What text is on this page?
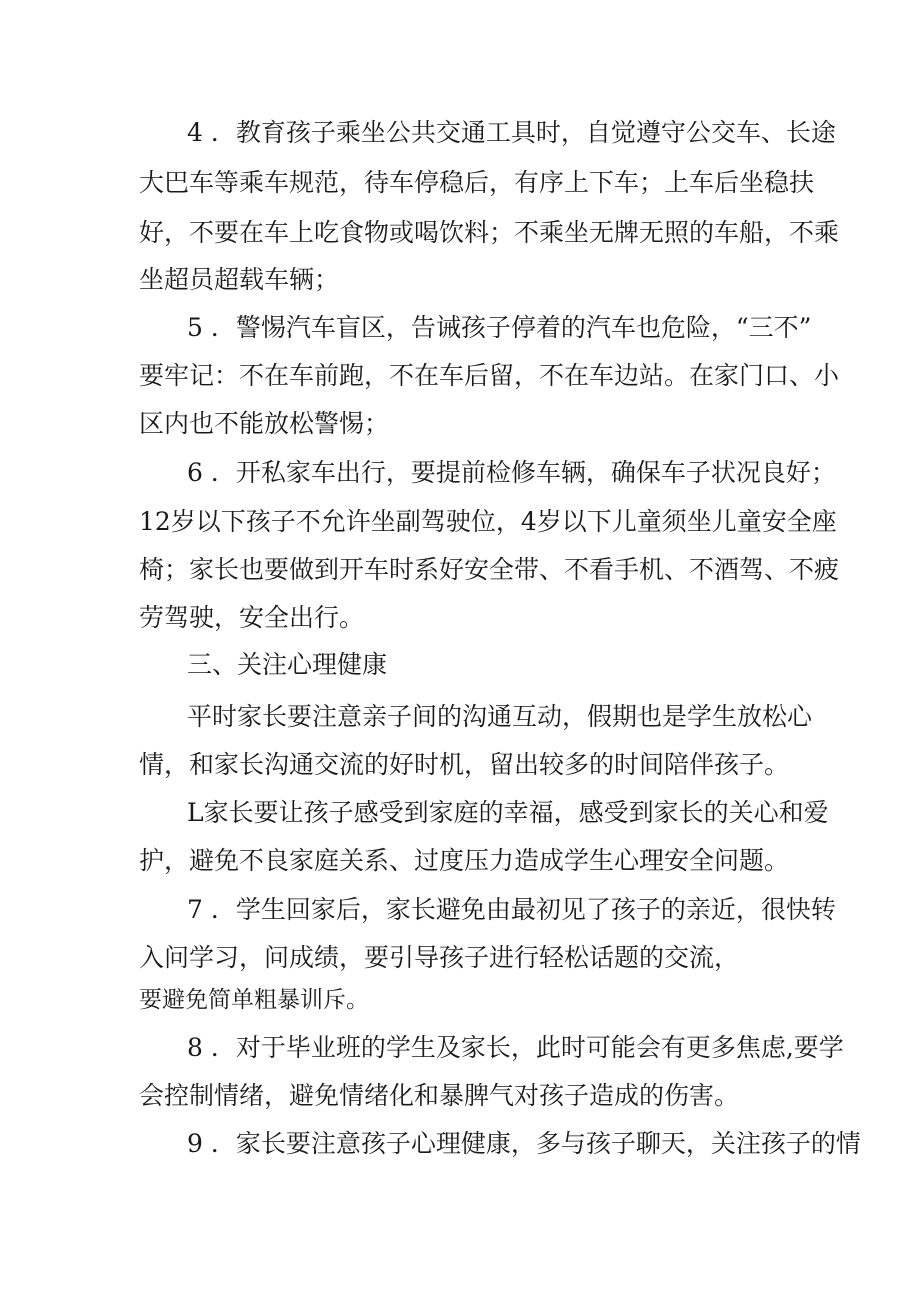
4 ．教育孩子乘坐公共交通工具时，自觉遵守公交车、长途
大巴车等乘车规范，待车停稳后，有序上下车；上车后坐稳扶
好，不要在车上吃食物或喝饮料；不乘坐无牌无照的车船，不乘
坐超员超载车辆；
5 ．警惕汽车盲区，告诫孩子停着的汽车也危险，“三不”
要牢记：不在车前跑，不在车后留，不在车边站。在家门口、小
区内也不能放松警惕；
6 ．开私家车出行，要提前检修车辆，确保车子状况良好；
12岁以下孩子不允许坐副驾驶位，4岁以下儿童须坐儿童安全座
椅；家长也要做到开车时系好安全带、不看手机、不酒驾、不疲
劳驾驶，安全出行。
三、关注心理健康
平时家长要注意亲子间的沟通互动，假期也是学生放松心
情，和家长沟通交流的好时机，留出较多的时间陪伴孩子。
L家长要让孩子感受到家庭的幸福，感受到家长的关心和爱
护，避免不良家庭关系、过度压力造成学生心理安全问题。
7 ．学生回家后，家长避免由最初见了孩子的亲近，很快转
入问学习，问成绩，要引导孩子进行轻松话题的交流，
要避免简单粗暴训斥。
8 ．对于毕业班的学生及家长，此时可能会有更多焦虑,要学
会控制情绪，避免情绪化和暴脾气对孩子造成的伤害。
9 ．家长要注意孩子心理健康，多与孩子聊天，关注孩子的情
